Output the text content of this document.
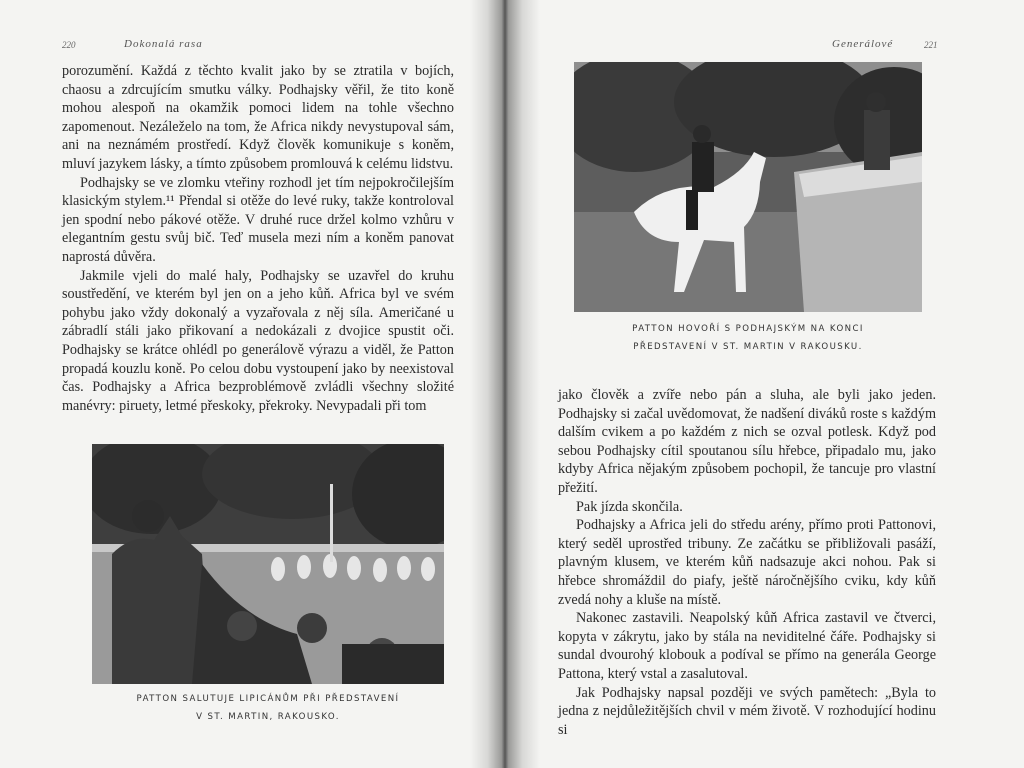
220	Dokonalá rasa

porozumění. Každá z těchto kvalit jako by se ztratila v bojích, chaosu a zdrcujícím smutku války. Podhajsky věřil, že tito koně mohou alespoň na okamžik pomoci lidem na tohle všechno zapomenout. Nezáleželo na tom, že Africa nikdy nevystupoval sám, ani na neznámém prostředí. Když člověk komunikuje s koněm, mluví jazykem lásky, a tímto způsobem promlouvá k celému lidstvu.

Podhajsky se ve zlomku vteřiny rozhodl jet tím nejpokročilejším klasickým stylem.¹¹ Přendal si otěže do levé ruky, takže kontroloval jen spodní nebo pákové otěže. V druhé ruce držel kolmo vzhůru v elegantním gestu svůj bič. Teď musela mezi ním a koněm panovat naprostá důvěra.

Jakmile vjeli do malé haly, Podhajsky se uzavřel do kruhu soustředění, ve kterém byl jen on a jeho kůň. Africa byl ve svém pohybu jako vždy dokonalý a vyzařovala z něj síla. Američané u zábradlí stáli jako přikovaní a nedokázali z dvojice spustit oči. Podhajsky se krátce ohlédl po generálově výrazu a viděl, že Patton propadá kouzlu koně. Po celou dobu vystoupení jako by neexistoval čas. Podhajsky a Africa bezproblémově zvládli všechny složité manévry: piruety, letmé přeskoky, překroky. Nevypadali při tom

PATTON SALUTUJE LIPICÁNŮM PŘI PŘEDSTAVENÍ
V ST. MARTIN, RAKOUSKO.
Generálové	221
PATTON HOVOŘÍ S PODHAJSKÝM NA KONCI
PŘEDSTAVENÍ V ST. MARTIN V RAKOUSKU.

jako člověk a zvíře nebo pán a sluha, ale byli jako jeden. Podhajsky si začal uvědomovat, že nadšení diváků roste s každým dalším cvikem a po každém z nich se ozval potlesk. Když pod sebou Podhajsky cítil spoutanou sílu hřebce, připadalo mu, jako kdyby Africa nějakým způsobem pochopil, že tancuje pro vlastní přežití.

Pak jízda skončila.

Podhajsky a Africa jeli do středu arény, přímo proti Pattonovi, který seděl uprostřed tribuny. Ze začátku se přibližovali pasáží, plavným klusem, ve kterém kůň nadsazuje akci nohou. Pak si hřebce shromáždil do piafy, ještě náročnějšího cviku, kdy kůň zvedá nohy a kluše na místě.

Nakonec zastavili. Neapolský kůň Africa zastavil ve čtverci, kopyta v zákrytu, jako by stála na neviditelné čáře. Podhajsky si sundal dvourohý klobouk a podíval se přímo na generála George Pattona, který vstal a zasalutoval.

Jak Podhajsky napsal později ve svých pamětech: „Byla to jedna z nejdůležitějších chvil v mém životě. V rozhodující hodinu si
